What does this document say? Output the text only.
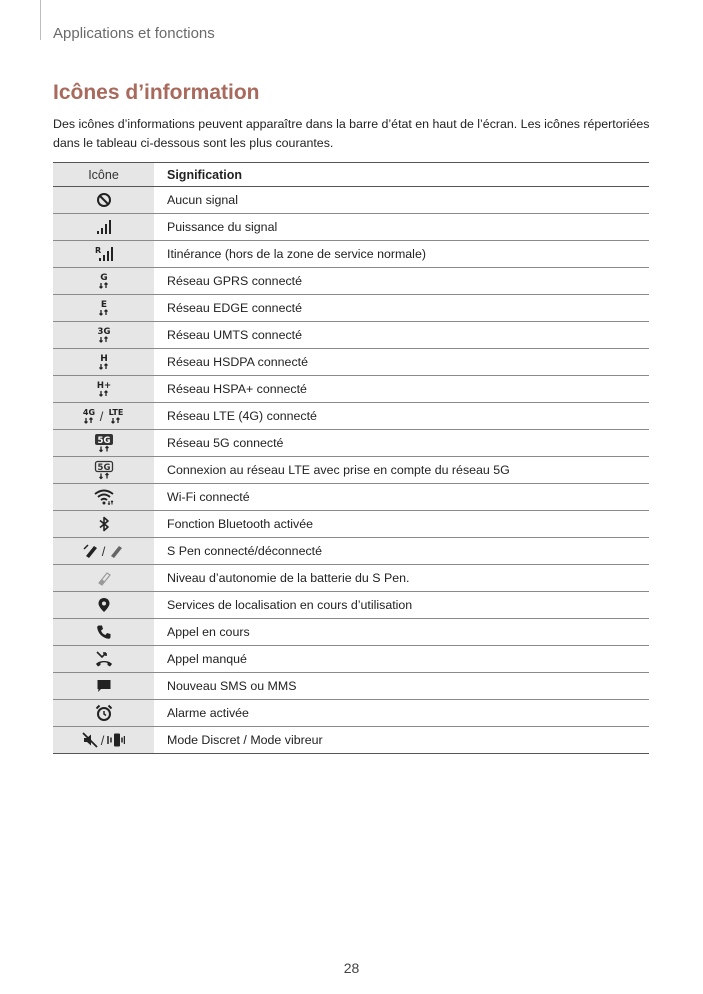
Applications et fonctions
Icônes d’information
Des icônes d’informations peuvent apparaître dans la barre d’état en haut de l’écran. Les icônes répertoriées dans le tableau ci-dessous sont les plus courantes.
Icône	Signification
	Aucun signal
	Puissance du signal

R	Itinérance (hors de la zone de service normale)

G	Réseau GPRS connecté

E	Réseau EDGE connecté

3G	Réseau UMTS connecté

H	Réseau HSDPA connecté

H+	Réseau HSPA+ connecté

4G / LTE	Réseau LTE (4G) connecté

5G	Réseau 5G connecté

5G	Connexion au réseau LTE avec prise en compte du réseau 5G
	Wi-Fi connecté
	Fonction Bluetooth activée
/	S Pen connecté/déconnecté
	Niveau d’autonomie de la batterie du S Pen.
	Services de localisation en cours d’utilisation
	Appel en cours
	Appel manqué
	Nouveau SMS ou MMS
	Alarme activée
/	Mode Discret / Mode vibreur
28
